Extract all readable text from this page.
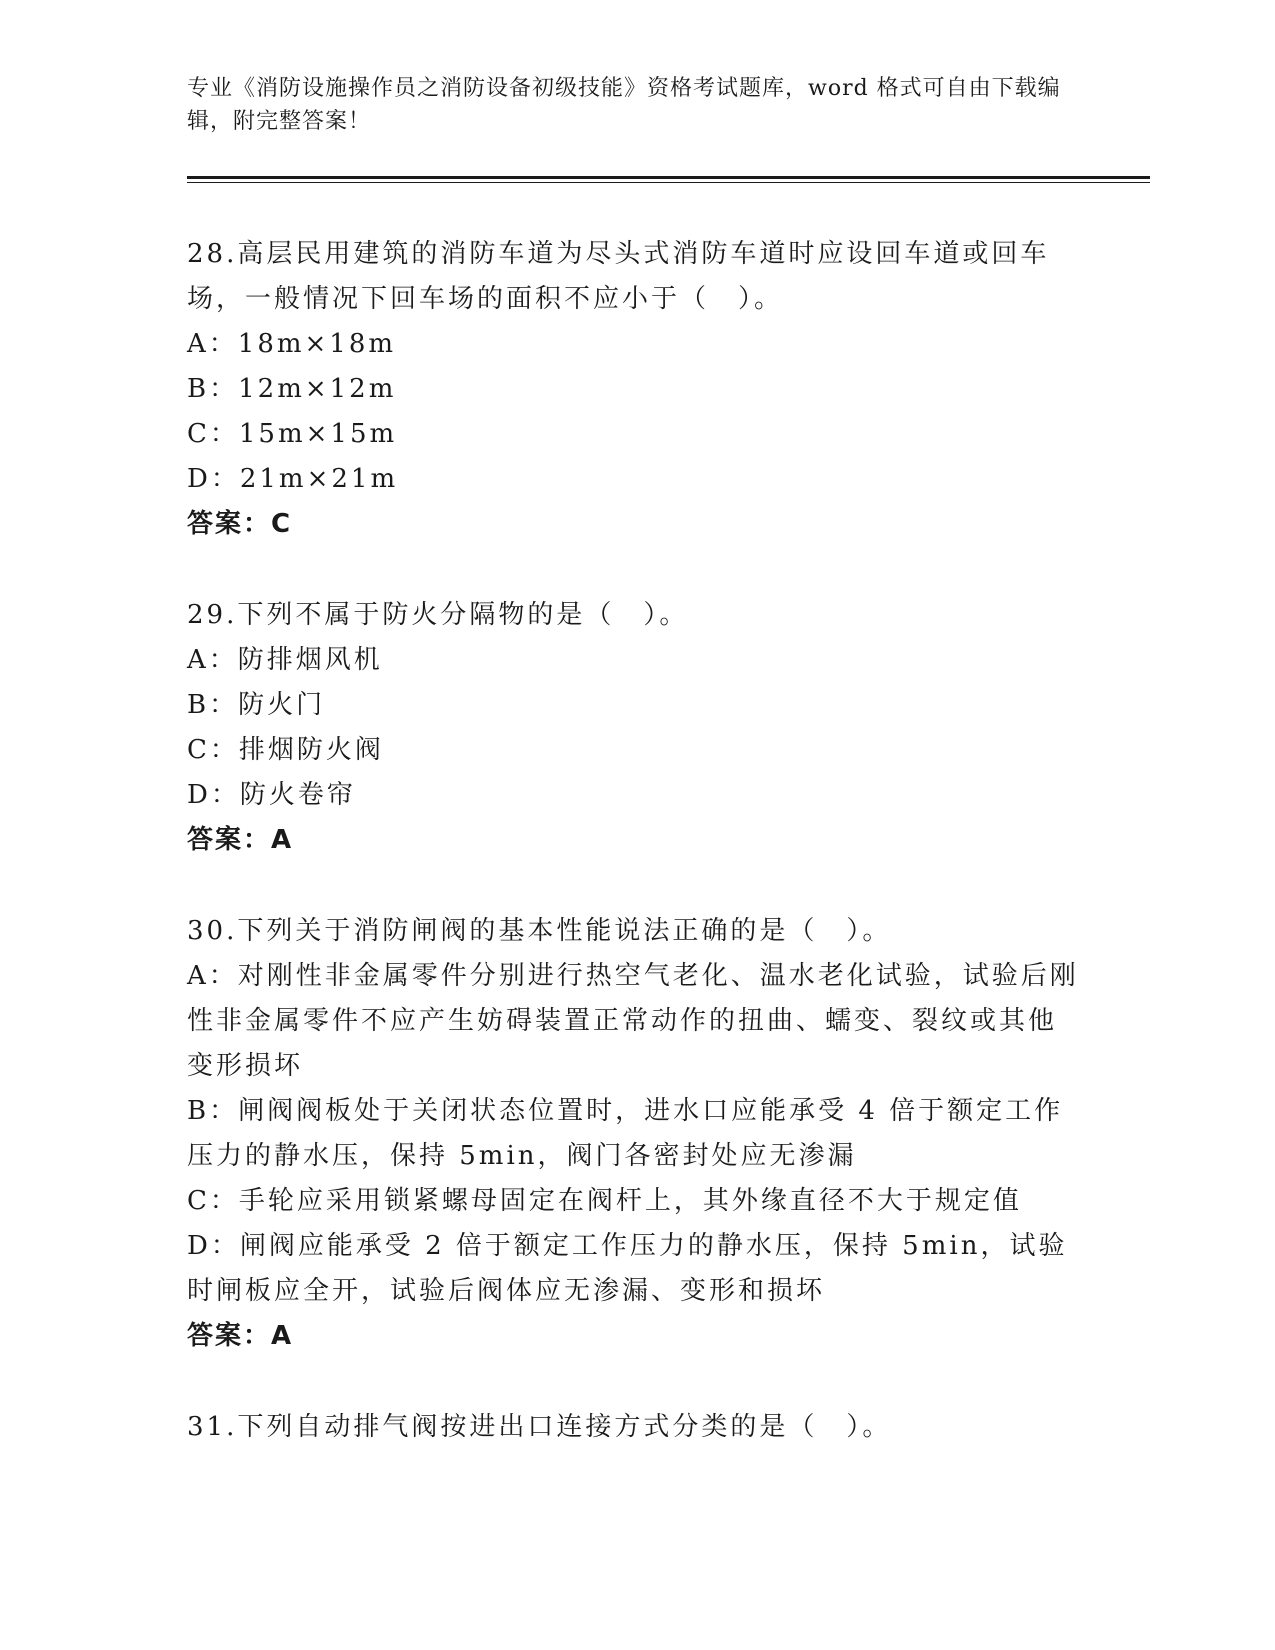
专业《消防设施操作员之消防设备初级技能》资格考试题库，word 格式可自由下载编辑，附完整答案！

28.高层民用建筑的消防车道为尽头式消防车道时应设回车道或回车场，一般情况下回车场的面积不应小于（　）。

A：18m×18m

B：12m×12m

C：15m×15m

D：21m×21m

答案：C

29.下列不属于防火分隔物的是（　）。

A：防排烟风机

B：防火门

C：排烟防火阀

D：防火卷帘

答案：A

30.下列关于消防闸阀的基本性能说法正确的是（　）。

A：对刚性非金属零件分别进行热空气老化、温水老化试验，试验后刚性非金属零件不应产生妨碍装置正常动作的扭曲、蠕变、裂纹或其他变形损坏

B：闸阀阀板处于关闭状态位置时，进水口应能承受 4 倍于额定工作压力的静水压，保持 5min，阀门各密封处应无渗漏

C：手轮应采用锁紧螺母固定在阀杆上，其外缘直径不大于规定值

D：闸阀应能承受 2 倍于额定工作压力的静水压，保持 5min，试验时闸板应全开，试验后阀体应无渗漏、变形和损坏

答案：A

31.下列自动排气阀按进出口连接方式分类的是（　）。
